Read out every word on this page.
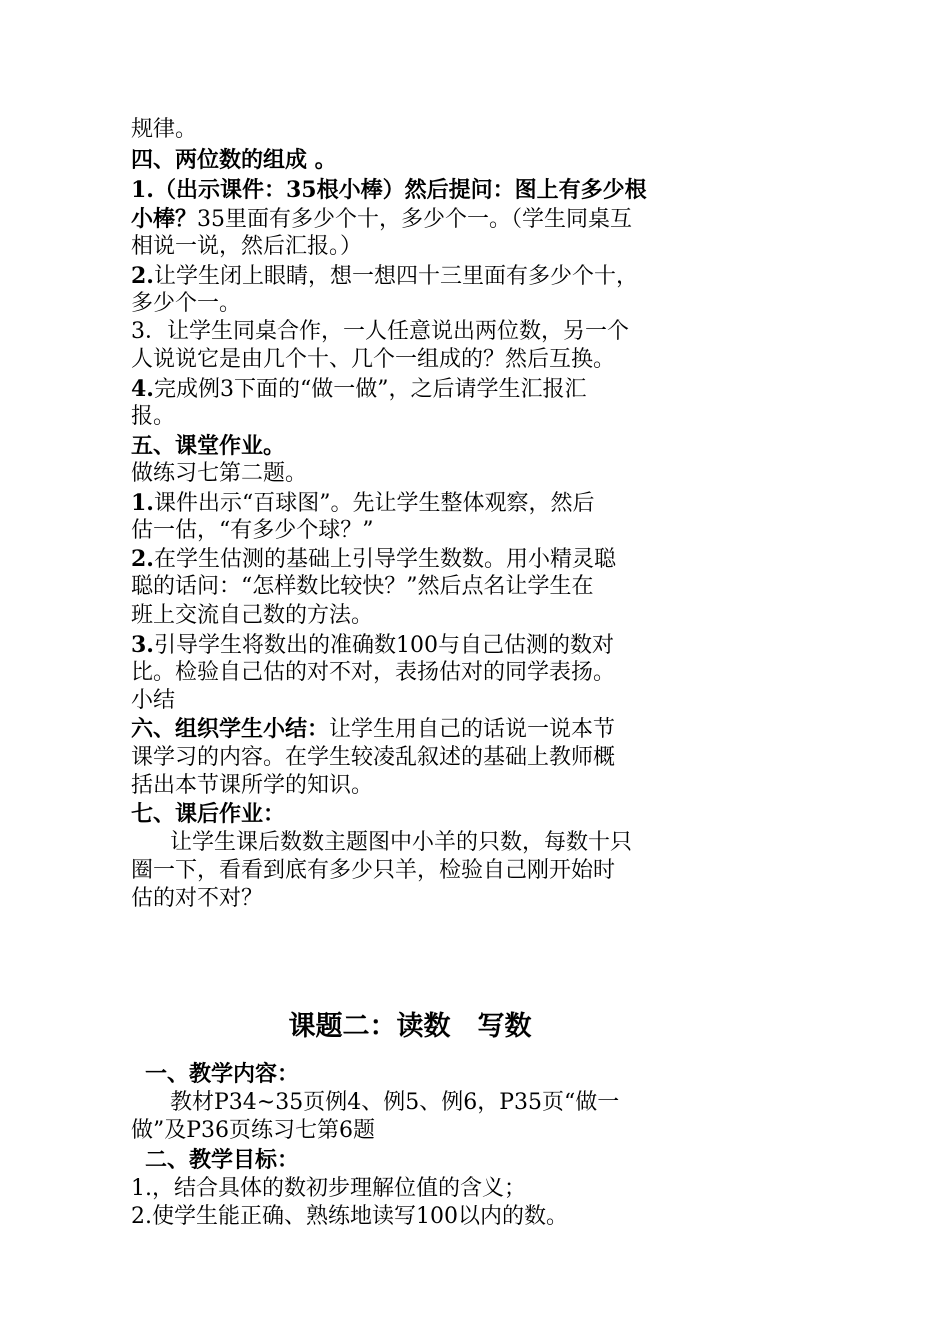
规律。
四、两位数的组成 。
1.（出示课件：35根小棒）然后提问：图上有多少根
小棒？35里面有多少个十，多少个一。（学生同桌互
相说一说，然后汇报。）
2.让学生闭上眼睛，想一想四十三里面有多少个十，
多少个一。
3．让学生同桌合作，一人任意说出两位数，另一个
人说说它是由几个十、几个一组成的？然后互换。
4.完成例3下面的“做一做”，之后请学生汇报汇
报。
五、课堂作业。
做练习七第二题。
1.课件出示“百球图”。先让学生整体观察，然后
估一估，“有多少个球？”
2.在学生估测的基础上引导学生数数。用小精灵聪
聪的话问：“怎样数比较快？”然后点名让学生在
班上交流自己数的方法。
3.引导学生将数出的准确数100与自己估测的数对
比。检验自己估的对不对，表扬估对的同学表扬。
小结
六、组织学生小结：让学生用自己的话说一说本节
课学习的内容。在学生较凌乱叙述的基础上教师概
括出本节课所学的知识。
七、课后作业：
让学生课后数数主题图中小羊的只数，每数十只
圈一下，看看到底有多少只羊，检验自己刚开始时
估的对不对？
课题二：读数　写数
一、教学内容：
教材P34~35页例4、例5、例6，P35页“做一
做”及P36页练习七第6题
二、教学目标：
1.，结合具体的数初步理解位值的含义；
2.使学生能正确、熟练地读写100以内的数。
